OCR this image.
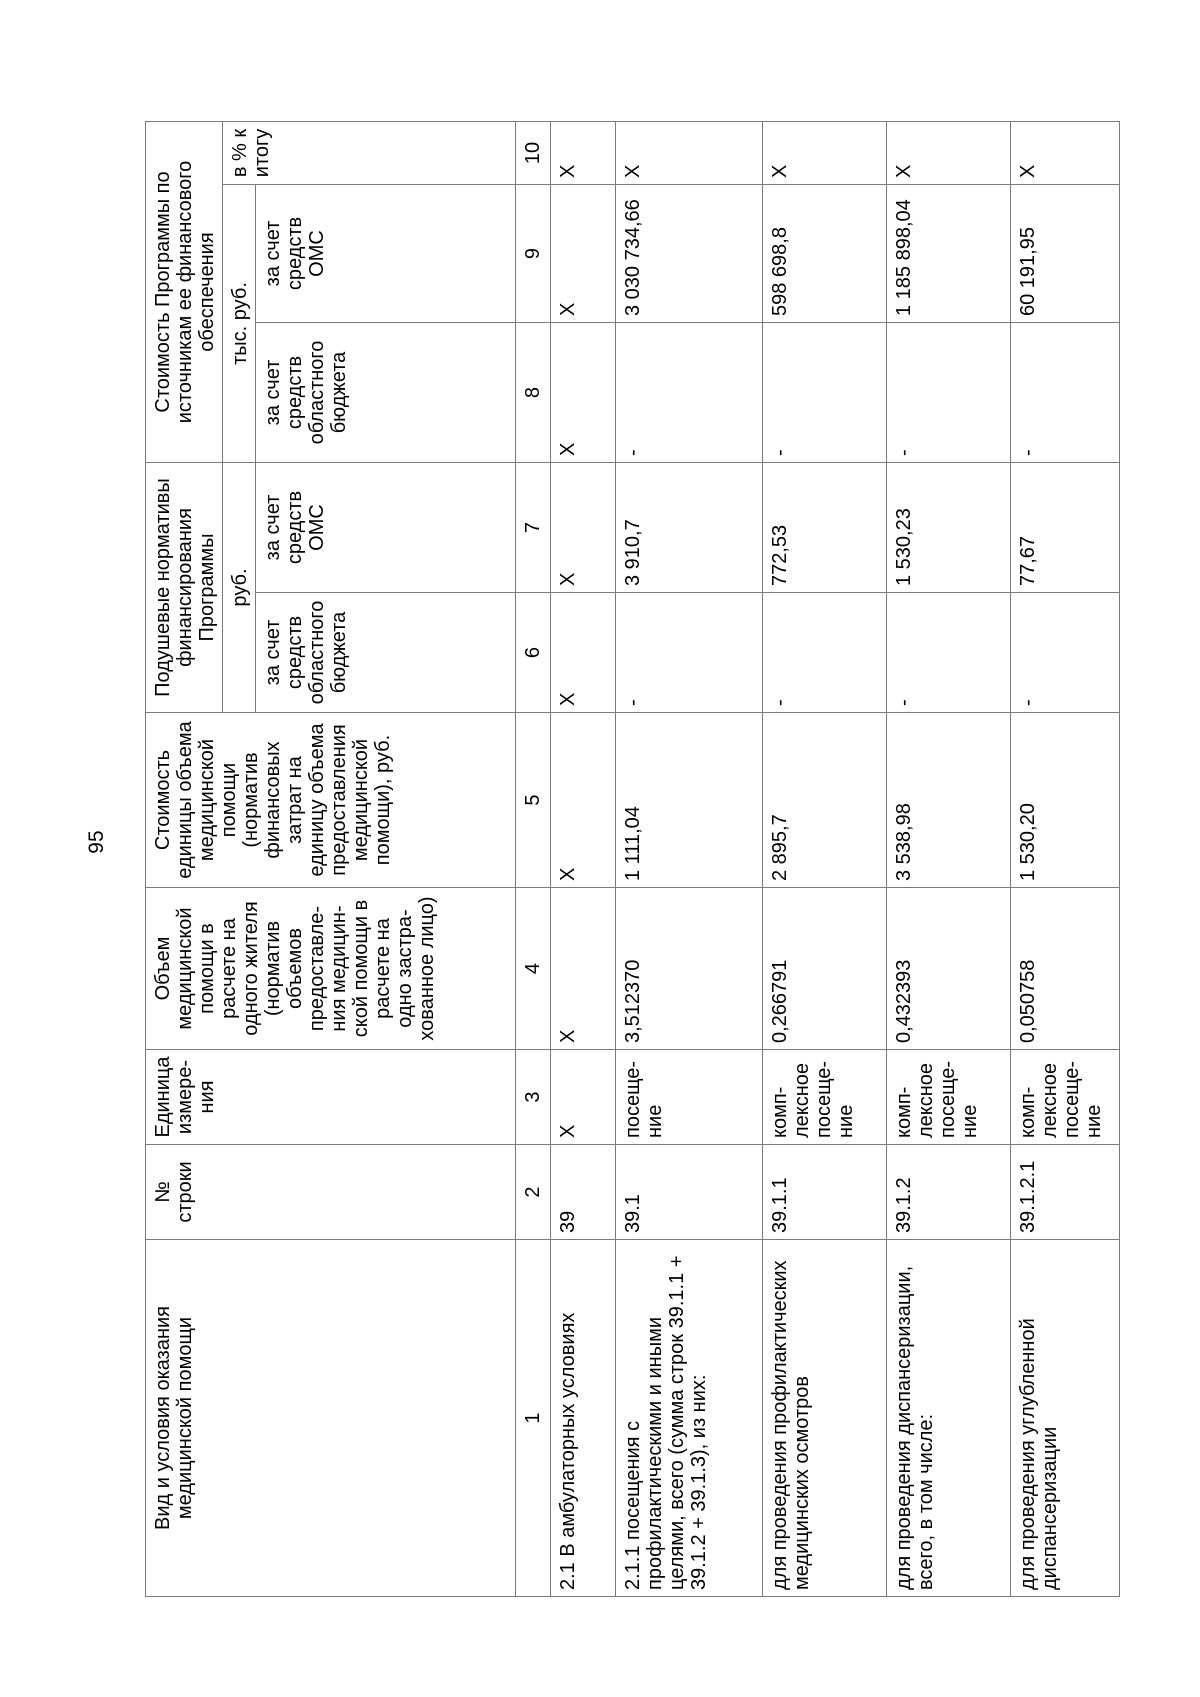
95
Вид и условия оказания медицинской помощи	№ строки	Единица измере-ния	Объем медицинской помощи в расчете на одного жителя (норматив объемов предоставле-ния медицин-ской помощи в расчете на одно застра-хованное лицо)	Стоимость единицы объема медицинской помощи (норматив финансовых затрат на единицу объема предоставления медицинской помощи), руб.	Подушевые нормативы финансирования Программы		Стоимость Программы по источникам ее финансового обеспечения		
					руб.		тыс. руб.		в % к итогу
					за счет средств областного бюджета	за счет средств ОМС	за счет средств областного бюджета	за счет средств ОМС	
1	2	3	4	5	6	7	8	9	10
2.1 В амбулаторных условиях	39	Х	Х	Х	Х	Х	Х	Х	Х
2.1.1 посещения с профилактическими и иными целями, всего (сумма строк 39.1.1 + 39.1.2 + 39.1.3), из них:	39.1	посеще-ние	3,512370	1 111,04	-	3 910,7	-	3 030 734,66	Х
для проведения профилактических медицинских осмотров	39.1.1	комп-лексное посеще-ние	0,266791	2 895,7	-	772,53	-	598 698,8	Х
для проведения диспансеризации, всего, в том числе:	39.1.2	комп-лексное посеще-ние	0,432393	3 538,98	-	1 530,23	-	1 185 898,04	Х
для проведения углубленной диспансеризации	39.1.2.1	комп-лексное посеще-ние	0,050758	1 530,20	-	77,67	-	60 191,95	Х
